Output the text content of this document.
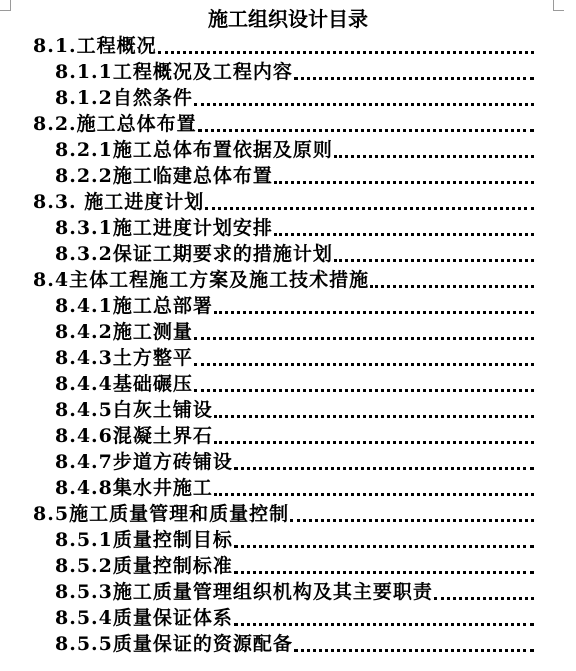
施工组织设计目录
8.1. 工程概况
8.1.1 工程概况及工程内容
8.1.2 自然条件
8.2. 施工总体布置
8.2.1 施工总体布置依据及原则
8.2.2 施工临建总体布置
8.3. 施工进度计划
8.3.1 施工进度计划安排
8.3.2 保证工期要求的措施计划
8.4 主体工程施工方案及施工技术措施
8.4.1 施工总部署
8.4.2 施工测量
8.4.3 土方整平
8.4.4 基础碾压
8.4.5 白灰土铺设
8.4.6 混凝土界石
8.4.7 步道方砖铺设
8.4.8 集水井施工
8.5 施工质量管理和质量控制
8.5.1 质量控制目标
8.5.2 质量控制标准
8.5.3 施工质量管理组织机构及其主要职责
8.5.4 质量保证体系
8.5.5 质量保证的资源配备
